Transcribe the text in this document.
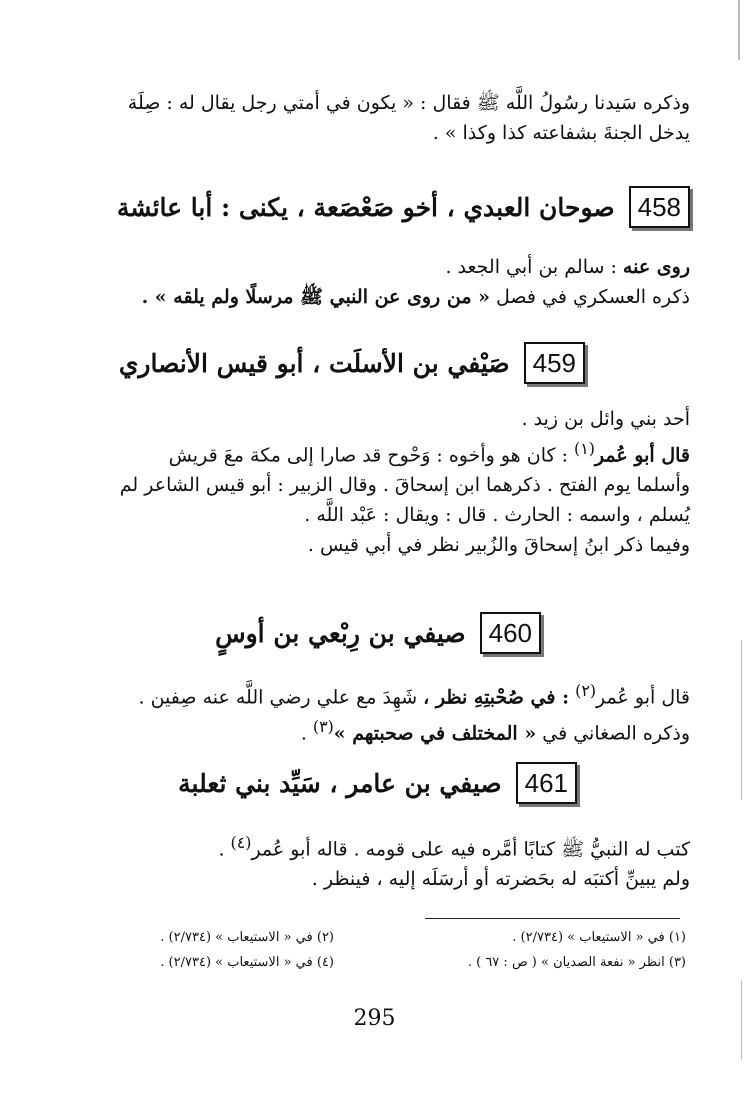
وذكره سَيدنا رسُولُ اللَّه ﷺ فقال : « يكون في أمتي رجل يقال له : صِلَة
يدخل الجنةَ بشفاعته كذا وكذا » .
458
صوحان العبدي ، أخو صَعْصَعة ، يكنى : أبا عائشة
روى عنه : سالم بن أبي الجعد .
ذكره العسكري في فصل « من روى عن النبي ﷺ مرسلًا ولم يلقه » .
459
صَيْفي بن الأسلَت ، أبو قيس الأنصاري
أحد بني وائل بن زيد .
قال أبو عُمر$^{(١)}$ : كان هو وأخوه : وَحْوح قد صارا إلى مكة معَ قريش
وأسلما يوم الفتح . ذكرهما ابن إسحاقَ . وقال الزبير : أبو قيس الشاعر لم
يُسلم ، واسمه : الحارث . قال : ويقال : عَبْد اللَّه .
وفيما ذكر ابنُ إسحاقَ والزُبير نظر في أبي قيس .
460
صيفي بن رِبْعي بن أوسٍ
قال أبو عُمر$^{(٢)}$ : في صُحْبتِهِ نظر ، شَهِدَ مع علي رضي اللَّه عنه صِفين .
وذكره الصغاني في « المختلف في صحبتهم »$^{(٣)}$ .
461
صيفي بن عامر ، سَيِّد بني ثعلبة
كتب له النبيُّ ﷺ كتابًا أمَّره فيه على قومه . قاله أبو عُمر$^{(٤)}$ .
ولم يبينِّ أكتبَه له بحَضرته أو أرسَلَه إليه ، فينظر .
(١) في « الاستيعاب » (٢/٧٣٤) .
(٢) في « الاستيعاب » (٢/٧٣٤) .
(٣) انظر « نفعة الصديان » ( ص : ٦٧ ) .
(٤) في « الاستيعاب » (٢/٧٣٤) .
295
